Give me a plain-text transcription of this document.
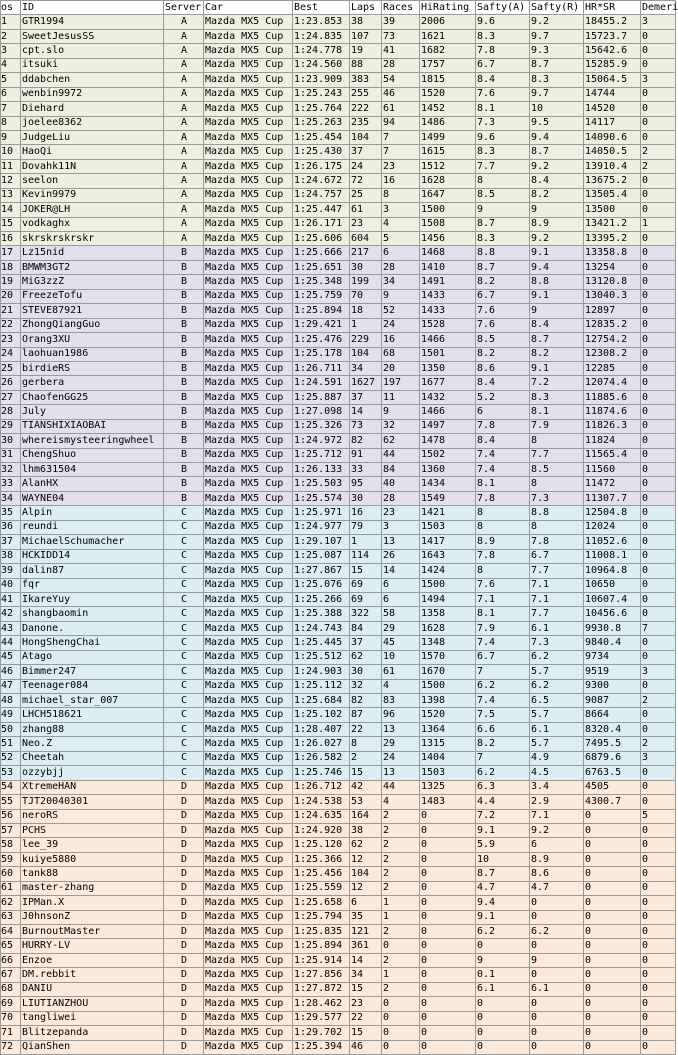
os	ID	Server	Car	Best	Laps	Races	HiRating	Safty(A)	Safty(R)	HR*SR	Demeri
1	GTR1994	A	Mazda MX5 Cup	1:23.853	38	39	2006	9.6	9.2	18455.2	3
2	SweetJesusSS	A	Mazda MX5 Cup	1:24.835	107	73	1621	8.3	9.7	15723.7	0
3	cpt.slo	A	Mazda MX5 Cup	1:24.778	19	41	1682	7.8	9.3	15642.6	0
4	itsuki	A	Mazda MX5 Cup	1:24.560	88	28	1757	6.7	8.7	15285.9	0
5	ddabchen	A	Mazda MX5 Cup	1:23.909	383	54	1815	8.4	8.3	15064.5	3
6	wenbin9972	A	Mazda MX5 Cup	1:25.243	255	46	1520	7.6	9.7	14744	0
7	Diehard	A	Mazda MX5 Cup	1:25.764	222	61	1452	8.1	10	14520	0
8	joelee8362	A	Mazda MX5 Cup	1:25.263	235	94	1486	7.3	9.5	14117	0
9	JudgeLiu	A	Mazda MX5 Cup	1:25.454	104	7	1499	9.6	9.4	14090.6	0
10	HaoQi	A	Mazda MX5 Cup	1:25.430	37	7	1615	8.3	8.7	14050.5	2
11	Dovahk11N	A	Mazda MX5 Cup	1:26.175	24	23	1512	7.7	9.2	13910.4	2
12	seelon	A	Mazda MX5 Cup	1:24.672	72	16	1628	8	8.4	13675.2	0
13	Kevin9979	A	Mazda MX5 Cup	1:24.757	25	8	1647	8.5	8.2	13505.4	0
14	JOKER@LH	A	Mazda MX5 Cup	1:25.447	61	3	1500	9	9	13500	0
15	vodkaghx	A	Mazda MX5 Cup	1:26.171	23	4	1508	8.7	8.9	13421.2	1
16	skrskrskrskr	A	Mazda MX5 Cup	1:25.606	604	5	1456	8.3	9.2	13395.2	0
17	Lz15nid	B	Mazda MX5 Cup	1:25.666	217	6	1468	8.8	9.1	13358.8	0
18	BMWM3GT2	B	Mazda MX5 Cup	1:25.651	30	28	1410	8.7	9.4	13254	0
19	MiG3zzZ	B	Mazda MX5 Cup	1:25.348	199	34	1491	8.2	8.8	13120.8	0
20	FreezeTofu	B	Mazda MX5 Cup	1:25.759	70	9	1433	6.7	9.1	13040.3	0
21	STEVE87921	B	Mazda MX5 Cup	1:25.894	18	52	1433	7.6	9	12897	0
22	ZhongQiangGuo	B	Mazda MX5 Cup	1:29.421	1	24	1528	7.6	8.4	12835.2	0
23	Orang3XU	B	Mazda MX5 Cup	1:25.476	229	16	1466	8.5	8.7	12754.2	0
24	laohuan1986	B	Mazda MX5 Cup	1:25.178	104	68	1501	8.2	8.2	12308.2	0
25	birdieRS	B	Mazda MX5 Cup	1:26.711	34	20	1350	8.6	9.1	12285	0
26	gerbera	B	Mazda MX5 Cup	1:24.591	1627	197	1677	8.4	7.2	12074.4	0
27	ChaofenGG25	B	Mazda MX5 Cup	1:25.887	37	11	1432	5.2	8.3	11885.6	0
28	July	B	Mazda MX5 Cup	1:27.098	14	9	1466	6	8.1	11874.6	0
29	TIANSHIXIAOBAI	B	Mazda MX5 Cup	1:25.326	73	32	1497	7.8	7.9	11826.3	0
30	whereismysteeringwheel	B	Mazda MX5 Cup	1:24.972	82	62	1478	8.4	8	11824	0
31	ChengShuo	B	Mazda MX5 Cup	1:25.712	91	44	1502	7.4	7.7	11565.4	0
32	lhm631504	B	Mazda MX5 Cup	1:26.133	33	84	1360	7.4	8.5	11560	0
33	AlanHX	B	Mazda MX5 Cup	1:25.503	95	40	1434	8.1	8	11472	0
34	WAYNE04	B	Mazda MX5 Cup	1:25.574	30	28	1549	7.8	7.3	11307.7	0
35	Alpin	C	Mazda MX5 Cup	1:25.971	16	23	1421	8	8.8	12504.8	0
36	reundi	C	Mazda MX5 Cup	1:24.977	79	3	1503	8	8	12024	0
37	MichaelSchumacher	C	Mazda MX5 Cup	1:29.107	1	13	1417	8.9	7.8	11052.6	0
38	HCKIDD14	C	Mazda MX5 Cup	1:25.087	114	26	1643	7.8	6.7	11008.1	0
39	dalin87	C	Mazda MX5 Cup	1:27.867	15	14	1424	8	7.7	10964.8	0
40	fqr	C	Mazda MX5 Cup	1:25.076	69	6	1500	7.6	7.1	10650	0
41	IkareYuy	C	Mazda MX5 Cup	1:25.266	69	6	1494	7.1	7.1	10607.4	0
42	shangbaomin	C	Mazda MX5 Cup	1:25.388	322	58	1358	8.1	7.7	10456.6	0
43	Danone.	C	Mazda MX5 Cup	1:24.743	84	29	1628	7.9	6.1	9930.8	7
44	HongShengChai	C	Mazda MX5 Cup	1:25.445	37	45	1348	7.4	7.3	9840.4	0
45	Atago	C	Mazda MX5 Cup	1:25.512	62	10	1570	6.7	6.2	9734	0
46	Bimmer247	C	Mazda MX5 Cup	1:24.903	30	61	1670	7	5.7	9519	3
47	Teenager084	C	Mazda MX5 Cup	1:25.112	32	4	1500	6.2	6.2	9300	0
48	michael_star_007	C	Mazda MX5 Cup	1:25.684	82	83	1398	7.4	6.5	9087	2
49	LHCH518621	C	Mazda MX5 Cup	1:25.102	87	96	1520	7.5	5.7	8664	0
50	zhang88	C	Mazda MX5 Cup	1:28.407	22	13	1364	6.6	6.1	8320.4	0
51	Neo.Z	C	Mazda MX5 Cup	1:26.027	8	29	1315	8.2	5.7	7495.5	2
52	Cheetah	C	Mazda MX5 Cup	1:26.582	2	24	1404	7	4.9	6879.6	3
53	ozzybjj	C	Mazda MX5 Cup	1:25.746	15	13	1503	6.2	4.5	6763.5	0
54	XtremeHAN	D	Mazda MX5 Cup	1:26.712	42	44	1325	6.3	3.4	4505	0
55	TJT20040301	D	Mazda MX5 Cup	1:24.538	53	4	1483	4.4	2.9	4300.7	0
56	neroRS	D	Mazda MX5 Cup	1:24.635	164	2	0	7.2	7.1	0	5
57	PCHS	D	Mazda MX5 Cup	1:24.920	38	2	0	9.1	9.2	0	0
58	lee_39	D	Mazda MX5 Cup	1:25.120	62	2	0	5.9	6	0	0
59	kuiye5880	D	Mazda MX5 Cup	1:25.366	12	2	0	10	8.9	0	0
60	tank88	D	Mazda MX5 Cup	1:25.456	104	2	0	8.7	8.6	0	0
61	master-zhang	D	Mazda MX5 Cup	1:25.559	12	2	0	4.7	4.7	0	0
62	IPMan.X	D	Mazda MX5 Cup	1:25.658	6	1	0	9.4	0	0	0
63	J0hnsonZ	D	Mazda MX5 Cup	1:25.794	35	1	0	9.1	0	0	0
64	BurnoutMaster	D	Mazda MX5 Cup	1:25.835	121	2	0	6.2	6.2	0	0
65	HURRY-LV	D	Mazda MX5 Cup	1:25.894	361	0	0	0	0	0	0
66	Enzoe	D	Mazda MX5 Cup	1:25.914	14	2	0	9	9	0	0
67	DM.rebbit	D	Mazda MX5 Cup	1:27.856	34	1	0	0.1	0	0	0
68	DANIU	D	Mazda MX5 Cup	1:27.872	15	2	0	6.1	6.1	0	0
69	LIUTIANZHOU	D	Mazda MX5 Cup	1:28.462	23	0	0	0	0	0	0
70	tangliwei	D	Mazda MX5 Cup	1:29.577	22	0	0	0	0	0	0
71	Blitzepanda	D	Mazda MX5 Cup	1:29.702	15	0	0	0	0	0	0
72	QianShen	D	Mazda MX5 Cup	1:25.394	46	0	0	0	0	0	0
